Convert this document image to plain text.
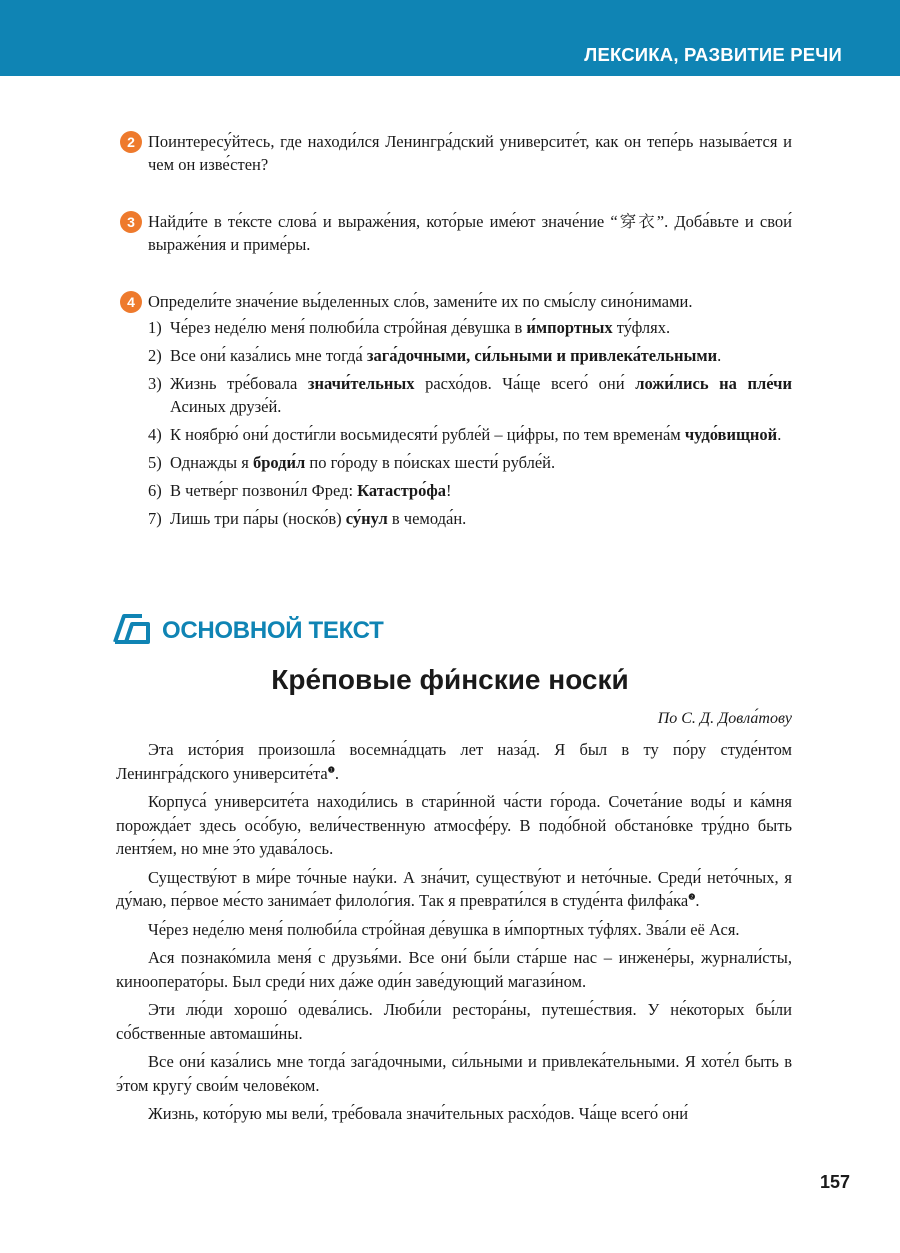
ЛЕКСИКА, РАЗВИТИЕ РЕЧИ
2 Поинтересу́йтесь, где находи́лся Ленингра́дский университе́т, как он тепе́рь называ́ется и чем он изве́стен?
3 Найди́те в те́ксте слова́ и выраже́ния, кото́рые име́ют значе́ние “穿衣”. Доба́вьте и свои́ выраже́ния и приме́ры.
4 Определи́те значе́ние вы́деленных сло́в, замени́те их по смы́слу сино́нимами.
1) Че́рез неде́лю меня́ полюби́ла стро́йная де́вушка в и́мпортных ту́флях.
2) Все они́ каза́лись мне тогда́ зага́дочными, си́льными и привлека́тельными.
3) Жизнь тре́бовала значи́тельных расхо́дов. Ча́ще всего́ они́ ложи́лись на пле́чи Асиных друзе́й.
4) К ноябрю́ они́ дости́гли восьмидесяти́ рубле́й – ци́фры, по тем времена́м чудо́вищной.
5) Однажды я броди́л по го́роду в по́исках шести́ рубле́й.
6) В четве́рг позвони́л Фред: Катастро́фа!
7) Лишь три па́ры (носко́в) су́нул в чемода́н.
ОСНОВНОЙ ТЕКСТ
Кре́повые фи́нские носки́
По С. Д. Довла́тову

Эта исто́рия произошла́ восемна́дцать лет наза́д. Я был в ту по́ру студе́нтом Ленингра́дского университе́та$^❶$.

Корпуса́ университе́та находи́лись в стари́нной ча́сти го́рода. Сочета́ние воды́ и ка́мня порожда́ет здесь осо́бую, вели́чественную атмосфе́ру. В подо́бной обстано́вке тру́дно быть лентя́ем, но мне э́то удава́лось.

Существу́ют в ми́ре то́чные нау́ки. А зна́чит, существу́ют и нето́чные. Среди́ нето́чных, я ду́маю, пе́рвое ме́сто занима́ет филоло́гия. Так я преврати́лся в студе́нта филфа́ка$^❷$.

Че́рез неде́лю меня́ полюби́ла стро́йная де́вушка в и́мпортных ту́флях. Зва́ли её Ася.

Ася познако́мила меня́ с друзья́ми. Все они́ бы́ли ста́рше нас – инжене́ры, журнали́сты, кинооперато́ры. Был среди́ них да́же оди́н заве́дующий магази́ном.

Эти лю́ди хорошо́ одева́лись. Люби́ли рестора́ны, путеше́ствия. У не́которых бы́ли со́бственные автомаши́ны.

Все они́ каза́лись мне тогда́ зага́дочными, си́льными и привлека́тельными. Я хоте́л быть в э́том кругу́ свои́м челове́ком.

Жизнь, кото́рую мы вели́, тре́бовала значи́тельных расхо́дов. Ча́ще всего́ они́

157
